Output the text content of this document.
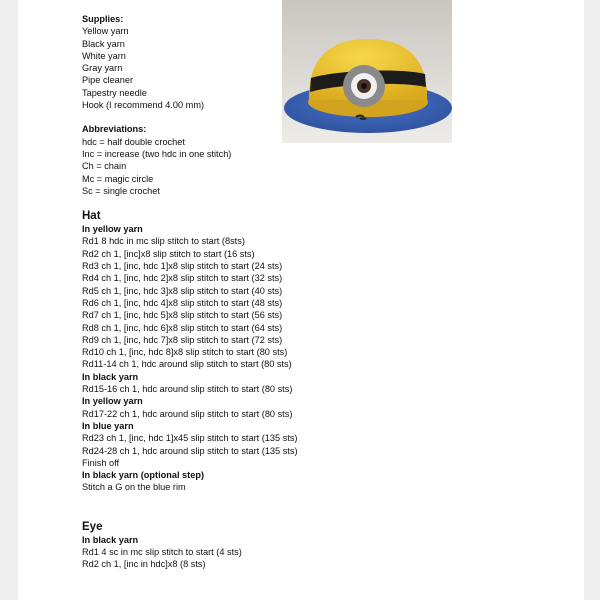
Supplies:
Yellow yarn
Black yarn
White yarn
Gray yarn
Pipe cleaner
Tapestry needle
Hook (I recommend 4.00 mm)
Abbreviations:
hdc = half double crochet
Inc = increase (two hdc in one stitch)
Ch = chain
Mc = magic circle
Sc = single crochet
Hat
In yellow yarn
Rd1 8 hdc in mc slip stitch to start (8sts)
Rd2 ch 1, [inc]x8 slip stitch to start (16 sts)
Rd3 ch 1, [inc, hdc 1]x8 slip stitch to start (24 sts)
Rd4 ch 1, [inc, hdc 2]x8 slip stitch to start (32 sts)
Rd5 ch 1, [inc, hdc 3]x8 slip stitch to start (40 sts)
Rd6 ch 1, [inc, hdc 4]x8 slip stitch to start (48 sts)
Rd7 ch 1, [inc, hdc 5]x8 slip stitch to start (56 sts)
Rd8 ch 1, [inc, hdc 6]x8 slip stitch to start (64 sts)
Rd9 ch 1, [inc, hdc 7]x8 slip stitch to start (72 sts)
Rd10 ch 1, [inc, hdc 8]x8 slip stitch to start (80 sts)
Rd11-14 ch 1, hdc around slip stitch to start (80 sts)
In black yarn
Rd15-16 ch 1, hdc around slip stitch to start (80 sts)
In yellow yarn
Rd17-22 ch 1, hdc around slip stitch to start (80 sts)
In blue yarn
Rd23 ch 1, [inc, hdc 1]x45 slip stitch to start (135 sts)
Rd24-28 ch 1, hdc around slip stitch to start (135 sts)
Finish off
In black yarn (optional step)
Stitch a G on the blue rim
Eye
In black yarn
Rd1 4 sc in mc slip stitch to start (4 sts)
Rd2 ch 1, [inc in hdc]x8 (8 sts)
